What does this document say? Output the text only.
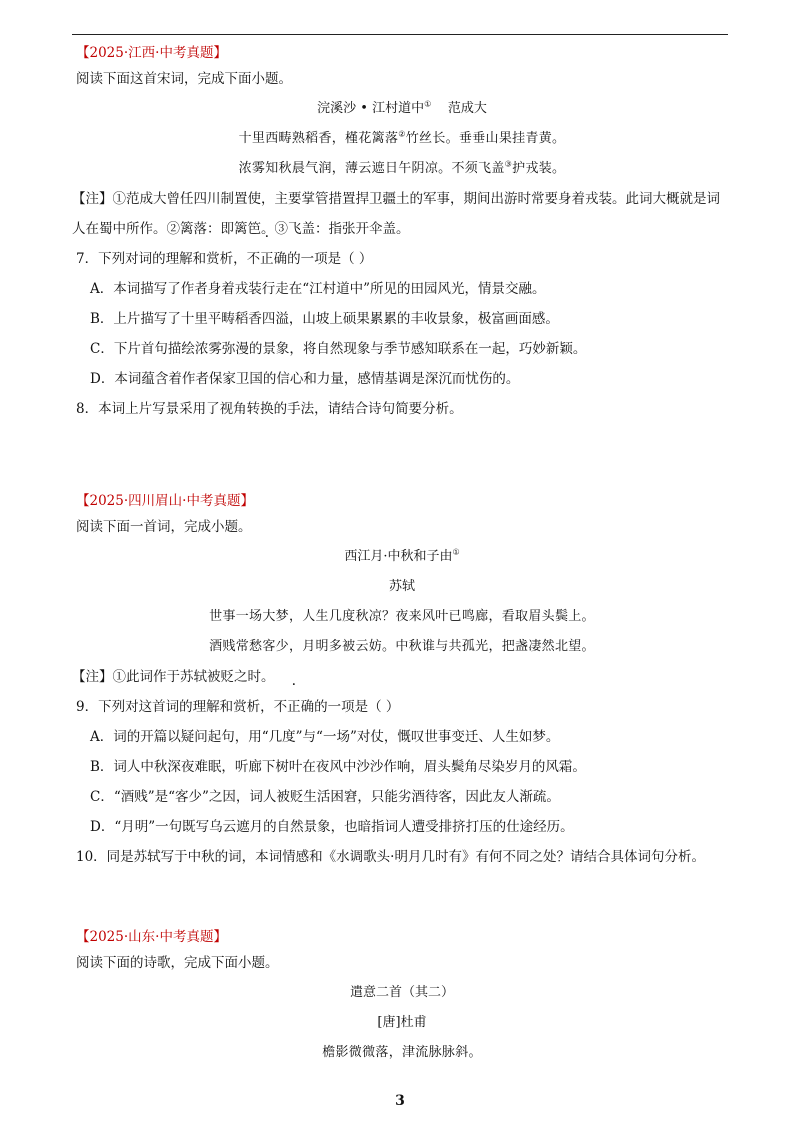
【2025·江西·中考真题】
阅读下面这首宋词，完成下面小题。
浣溪沙 • 江村道中① 范成大
十里西畴熟稻香，槿花篱落②竹丝长。垂垂山果挂青黄。
浓雾知秋晨气润，薄云遮日午阴凉。不须飞盖③护戎装。
【注】①范成大曾任四川制置使，主要掌管措置捍卫疆土的军事，期间出游时常要身着戎装。此词大概就是词人在蜀中所作。②篱落：即篱笆。③飞盖：指张开伞盖。
7．下列对词的理解和赏析，不正确的一项是（ ）
A．本词描写了作者身着戎装行走在“江村道中”所见的田园风光，情景交融。
B．上片描写了十里平畴稻香四溢，山坡上硕果累累的丰收景象，极富画面感。
C．下片首句描绘浓雾弥漫的景象，将自然现象与季节感知联系在一起，巧妙新颖。
D．本词蕴含着作者保家卫国的信心和力量，感情基调是深沉而忧伤的。
8．本词上片写景采用了视角转换的手法，请结合诗句简要分析。
【2025·四川眉山·中考真题】
阅读下面一首词，完成小题。
西江月·中秋和子由①
苏轼
世事一场大梦，人生几度秋凉？夜来风叶已鸣廊，看取眉头鬓上。
酒贱常愁客少，月明多被云妨。中秋谁与共孤光，把盏凄然北望。
【注】①此词作于苏轼被贬之时。
9．下列对这首词的理解和赏析，不正确的一项是（ ）
A．词的开篇以疑问起句，用“几度”与“一场”对仗，慨叹世事变迁、人生如梦。
B．词人中秋深夜难眠，听廊下树叶在夜风中沙沙作响，眉头鬓角尽染岁月的风霜。
C．“酒贱”是“客少”之因，词人被贬生活困窘，只能劣酒待客，因此友人渐疏。
D．“月明”一句既写乌云遮月的自然景象，也暗指词人遭受排挤打压的仕途经历。
10．同是苏轼写于中秋的词，本词情感和《水调歌头·明月几时有》有何不同之处？请结合具体词句分析。
【2025·山东·中考真题】
阅读下面的诗歌，完成下面小题。
遣意二首（其二）
[唐]杜甫
檐影微微落，津流脉脉斜。
3
